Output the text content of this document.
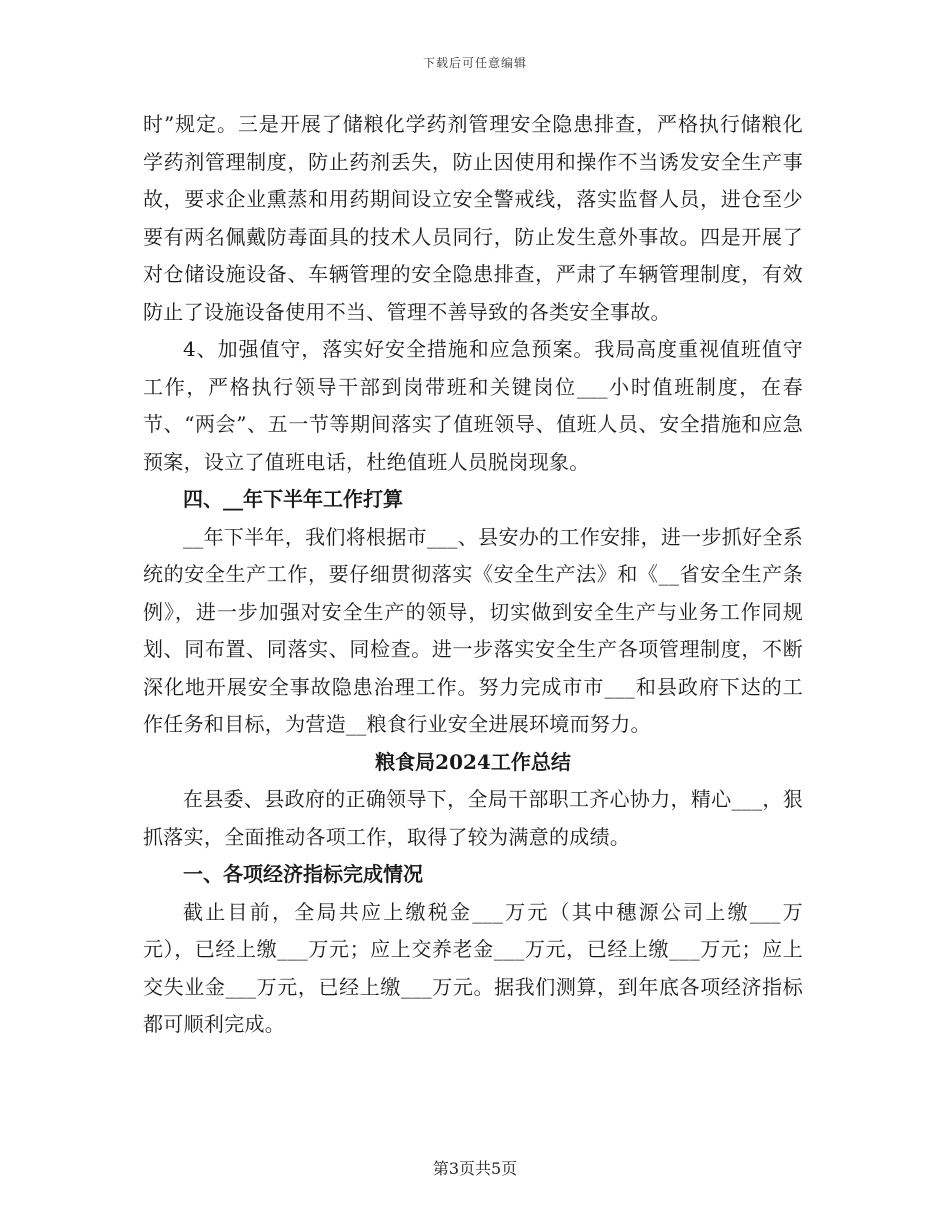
下载后可任意编辑

时”规定。三是开展了储粮化学药剂管理安全隐患排查，严格执行储粮化学药剂管理制度，防止药剂丢失，防止因使用和操作不当诱发安全生产事故，要求企业熏蒸和用药期间设立安全警戒线，落实监督人员，进仓至少要有两名佩戴防毒面具的技术人员同行，防止发生意外事故。四是开展了对仓储设施设备、车辆管理的安全隐患排查，严肃了车辆管理制度，有效防止了设施设备使用不当、管理不善导致的各类安全事故。

4、加强值守，落实好安全措施和应急预案。我局高度重视值班值守工作，严格执行领导干部到岗带班和关键岗位___小时值班制度，在春节、“两会”、五一节等期间落实了值班领导、值班人员、安全措施和应急预案，设立了值班电话，杜绝值班人员脱岗现象。

四、__年下半年工作打算

__年下半年，我们将根据市___、县安办的工作安排，进一步抓好全系统的安全生产工作，要仔细贯彻落实《安全生产法》和《__省安全生产条例》，进一步加强对安全生产的领导，切实做到安全生产与业务工作同规划、同布置、同落实、同检查。进一步落实安全生产各项管理制度，不断深化地开展安全事故隐患治理工作。努力完成市市___和县政府下达的工作任务和目标，为营造__粮食行业安全进展环境而努力。

粮食局2024工作总结

在县委、县政府的正确领导下，全局干部职工齐心协力，精心___，狠抓落实，全面推动各项工作，取得了较为满意的成绩。

一、各项经济指标完成情况

截止目前，全局共应上缴税金___万元（其中穗源公司上缴___万元），已经上缴___万元；应上交养老金___万元，已经上缴___万元；应上交失业金___万元，已经上缴___万元。据我们测算，到年底各项经济指标都可顺利完成。

第3页共5页
